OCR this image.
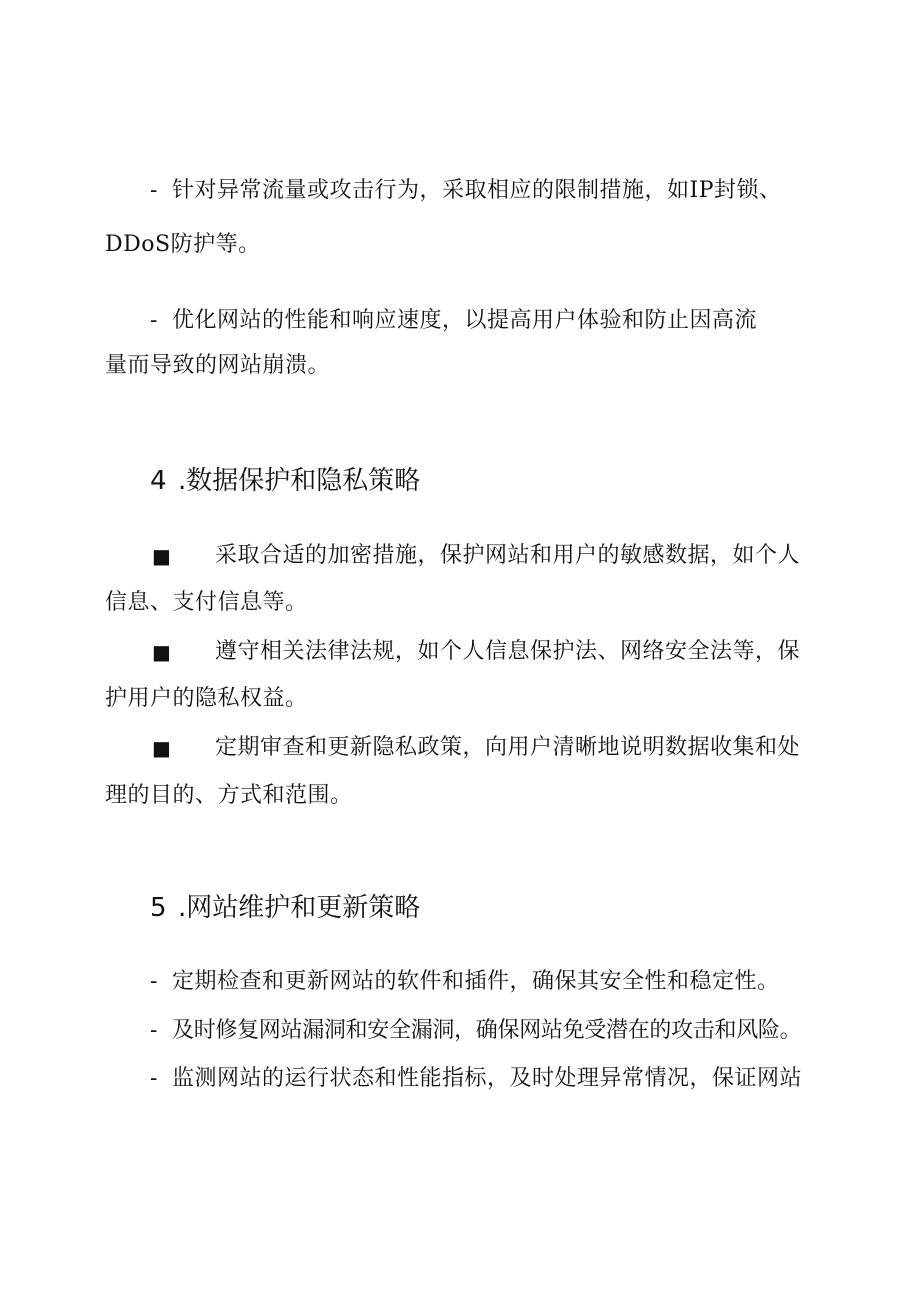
- 针对异常流量或攻击行为，采取相应的限制措施，如IP封锁、
DDoS防护等。
- 优化网站的性能和响应速度，以提高用户体验和防止因高流
量而导致的网站崩溃。
4 .数据保护和隐私策略
■ 采取合适的加密措施，保护网站和用户的敏感数据，如个人
信息、支付信息等。
■ 遵守相关法律法规，如个人信息保护法、网络安全法等，保
护用户的隐私权益。
■ 定期审查和更新隐私政策，向用户清晰地说明数据收集和处
理的目的、方式和范围。
5 .网站维护和更新策略
- 定期检查和更新网站的软件和插件，确保其安全性和稳定性。
- 及时修复网站漏洞和安全漏洞，确保网站免受潜在的攻击和风险。
- 监测网站的运行状态和性能指标，及时处理异常情况，保证网站
